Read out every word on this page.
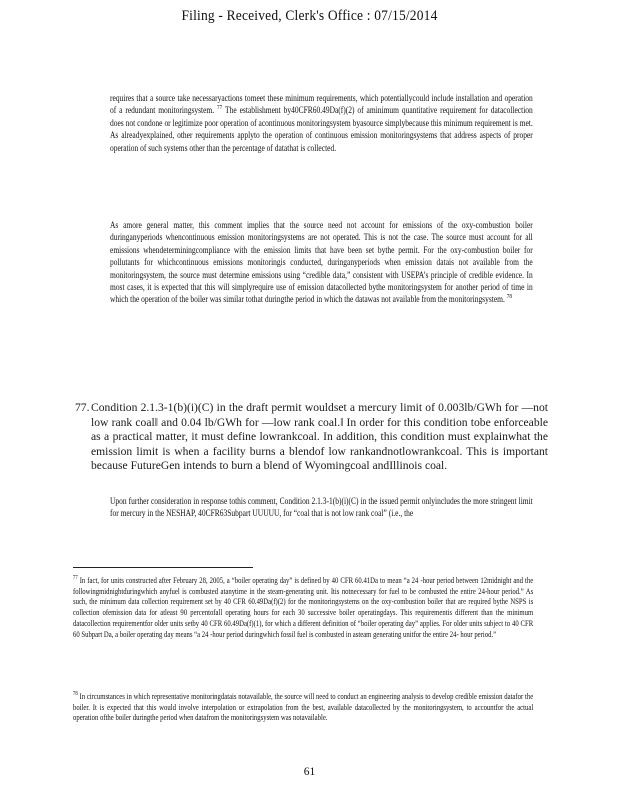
Filing - Received, Clerk's Office : 07/15/2014
requires that a source take necessaryactions tomeet these minimum requirements, which potentiallycould include installation and operation of a redundant monitoringsystem. $^{77}$ The establishment by40CFR60.49Da(f)(2) of aminimum quantitative requirement for datacollection does not condone or legitimize poor operation of acontinuous monitoringsystem byasource simplybecause this minimum requirement is met. As alreadyexplained, other requirements applyto the operation of continuous emission monitoringsystems that address aspects of proper operation of such systems other than the percentage of datathat is collected.
As amore general matter, this comment implies that the source need not account for emissions of the oxy-combustion boiler duringanyperiods whencontinuous emission monitoringsystems are not operated. This is not the case. The source must account for all emissions whendeterminingcompliance with the emission limits that have been set bythe permit. For the oxy-combustion boiler for pollutants for whichcontinuous emissions monitoringis conducted, duringanyperiods when emission datais not available from the monitoringsystem, the source must determine emissions using “credible data,” consistent with USEPA’s principle of credible evidence. In most cases, it is expected that this will simplyrequire use of emission datacollected bythe monitoringsystem for another period of time in which the operation of the boiler was similar tothat duringthe period in which the datawas not available from the monitoringsystem. $^{78}$
77. Condition 2.1.3-1(b)(i)(C) in the draft permit wouldset a mercury limit of 0.003lb/GWh for —not low rank coal‖ and 0.04 lb/GWh for —low rank coal.‖ In order for this condition tobe enforceable as a practical matter, it must define lowrankcoal. In addition, this condition must explainwhat the emission limit is when a facility burns a blendof low rankandnotlowrankcoal. This is important because FutureGen intends to burn a blend of Wyomingcoal andIllinois coal.
Upon further consideration in response tothis comment, Condition 2.1.3-1(b)(i)(C) in the issued permit onlyincludes the more stringent limit for mercury in the NESHAP, 40CFR63Subpart UUUUU, for “coal that is not low rank coal” (i.e., the
$^{77}$ In fact, for units constructed after February 28, 2005, a “boiler operating day” is defined by 40 CFR 60.41Da to mean “a 24 -hour period between 12midnight and the followingmidnightduringwhich anyfuel is combusted atanytime in the steam-generating unit. Itis notnecessary for fuel to be combusted the entire 24-hour period.” As such, the minimum data collection requirement set by 40 CFR 60.49Da(f)(2) for the monitoringsystems on the oxy-combustion boiler that are required bythe NSPS is collection ofemission data for atleast 90 percentofall operating hours for each 30 successive boiler operatingdays. This requirementis different than the minimum datacollection requirementfor older units setby 40 CFR 60.49Da(f)(1), for which a different definition of “boiler operating day” applies. For older units subject to 40 CFR 60 Subpart Da, a boiler operating day means “a 24 -hour period duringwhich fossil fuel is combusted in asteam generating unitfor the entire 24- hour period.”
$^{78}$ In circumstances in which representative monitoringdatais notavailable, the source will need to conduct an engineering analysis to develop credible emission datafor the boiler. It is expected that this would involve interpolation or extrapolation from the best, available datacollected by the monitoringsystem, to accountfor the actual operation ofthe boiler duringthe period when datafrom the monitoringsystem was notavailable.
61
